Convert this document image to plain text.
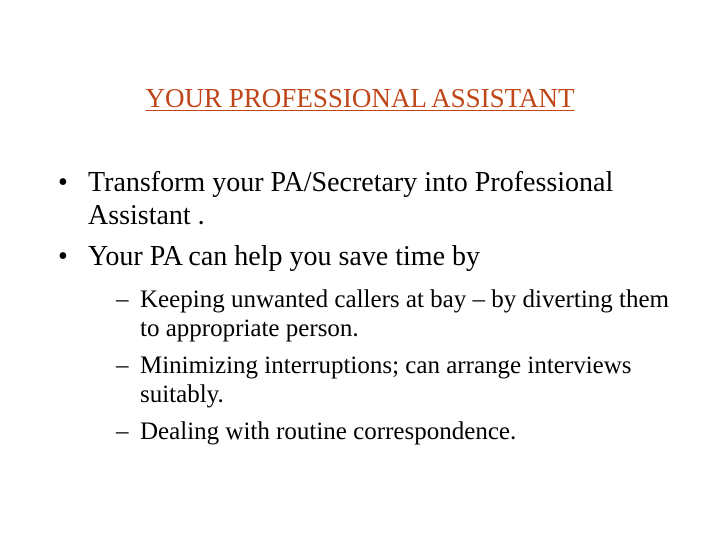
YOUR PROFESSIONAL ASSISTANT
• Transform your PA/Secretary into Professional Assistant .
• Your PA can help you save time by
– Keeping unwanted callers at bay – by diverting them to appropriate person.
– Minimizing interruptions; can arrange interviews suitably.
– Dealing with routine correspondence.
